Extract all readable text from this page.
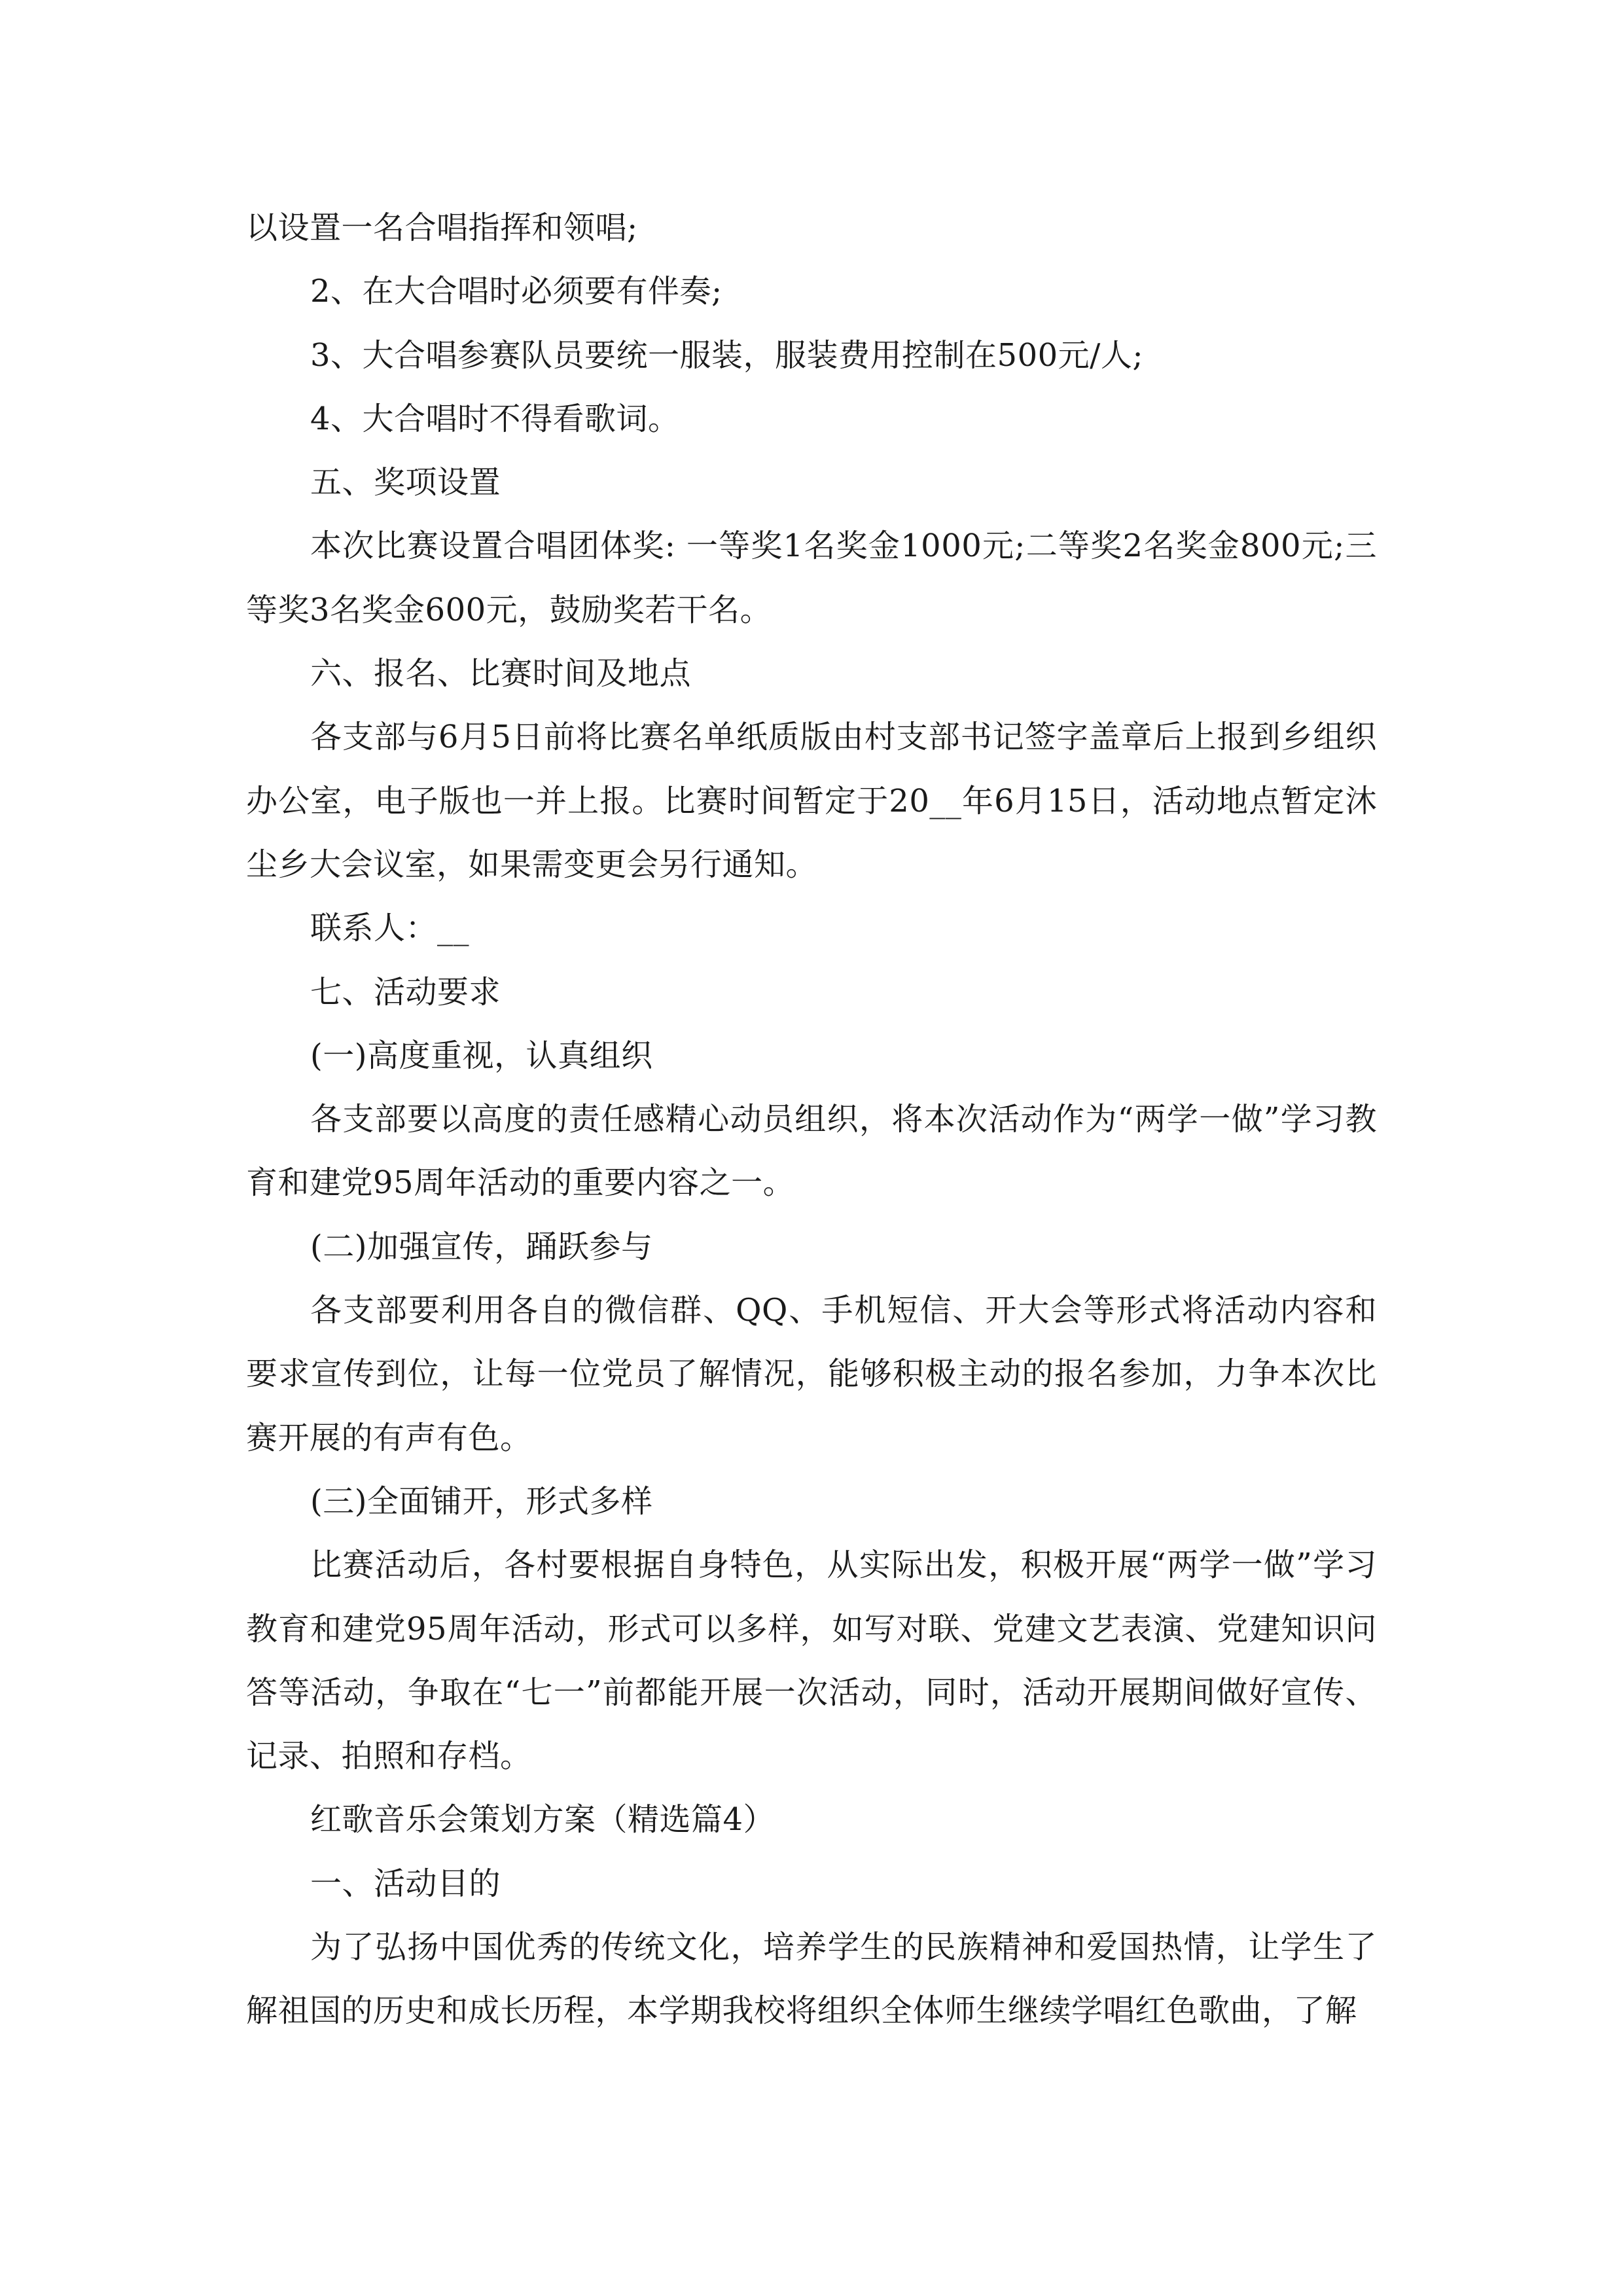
以设置一名合唱指挥和领唱;

2、在大合唱时必须要有伴奏;

3、大合唱参赛队员要统一服装，服装费用控制在500元/人;

4、大合唱时不得看歌词。

五、奖项设置

本次比赛设置合唱团体奖: 一等奖1名奖金1000元;二等奖2名奖金800元;三等奖3名奖金600元，鼓励奖若干名。

六、报名、比赛时间及地点

各支部与6月5日前将比赛名单纸质版由村支部书记签字盖章后上报到乡组织办公室，电子版也一并上报。比赛时间暂定于20__年6月15日，活动地点暂定沐尘乡大会议室，如果需变更会另行通知。

联系人：__

七、活动要求

(一)高度重视，认真组织

各支部要以高度的责任感精心动员组织，将本次活动作为“两学一做”学习教育和建党95周年活动的重要内容之一。

(二)加强宣传，踊跃参与

各支部要利用各自的微信群、QQ、手机短信、开大会等形式将活动内容和要求宣传到位，让每一位党员了解情况，能够积极主动的报名参加，力争本次比赛开展的有声有色。

(三)全面铺开，形式多样

比赛活动后，各村要根据自身特色，从实际出发，积极开展“两学一做”学习教育和建党95周年活动，形式可以多样，如写对联、党建文艺表演、党建知识问答等活动，争取在“七一”前都能开展一次活动，同时，活动开展期间做好宣传、记录、拍照和存档。

红歌音乐会策划方案（精选篇4）

一、活动目的

为了弘扬中国优秀的传统文化，培养学生的民族精神和爱国热情，让学生了解祖国的历史和成长历程，本学期我校将组织全体师生继续学唱红色歌曲，了解
